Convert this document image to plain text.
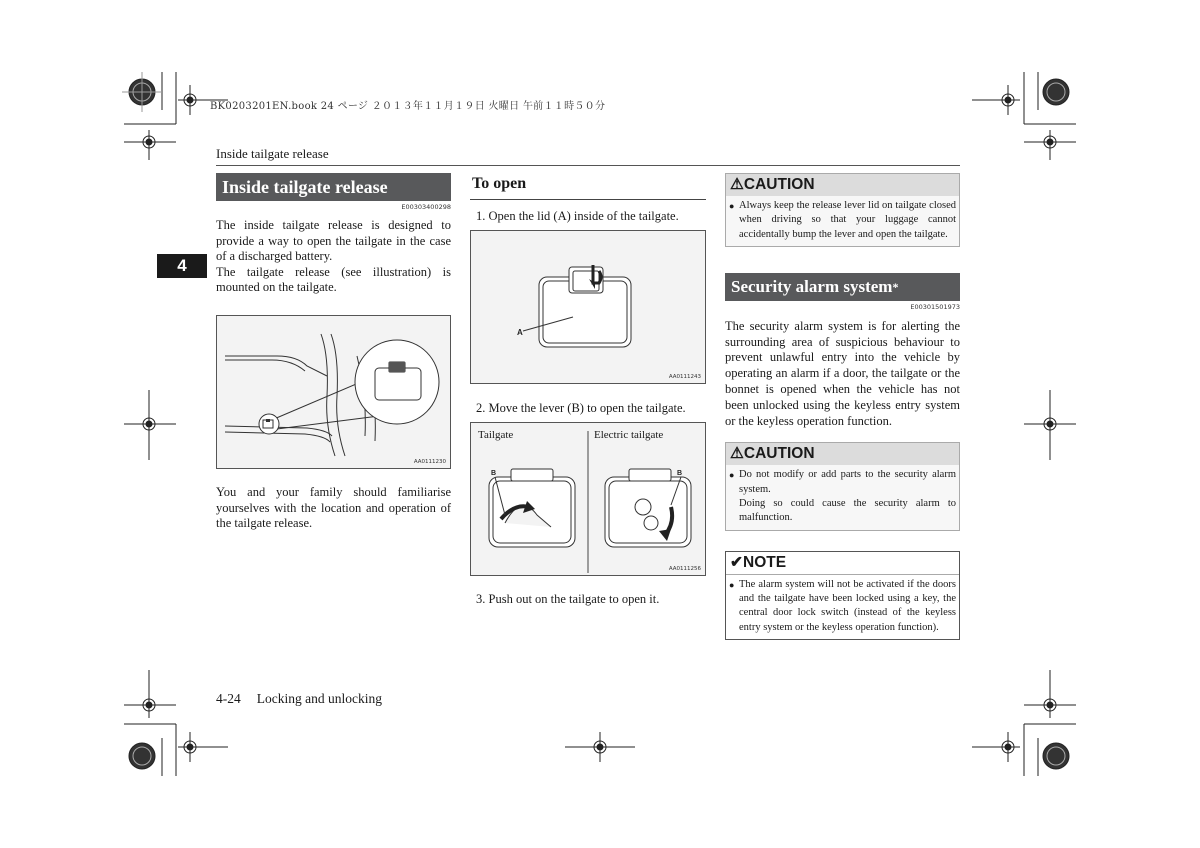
BK0203201EN.book 24 ページ ２０１３年１１月１９日 火曜日 午前１１時５０分
Inside tailgate release
4
Inside tailgate release
E00303400298
The inside tailgate release is designed to provide a way to open the tailgate in the case of a discharged battery.
The tailgate release (see illustration) is mounted on the tailgate.
AA0111230
You and your family should familiarise yourselves with the location and operation of the tailgate release.
To open
1. Open the lid (A) inside of the tailgate.
A
AA0111243
2. Move the lever (B) to open the tailgate.
Tailgate	Electric tailgate
B	B
AA0111256
3. Push out on the tailgate to open it.
⚠CAUTION
● Always keep the release lever lid on tailgate closed when driving so that your luggage cannot accidentally bump the lever and open the tailgate.
Security alarm system*
E00301501973
The security alarm system is for alerting the surrounding area of suspicious behaviour to prevent unlawful entry into the vehicle by operating an alarm if a door, the tailgate or the bonnet is opened when the vehicle has not been unlocked using the keyless entry system or the keyless operation function.
⚠CAUTION
● Do not modify or add parts to the security alarm system.
Doing so could cause the security alarm to malfunction.
✔NOTE
● The alarm system will not be activated if the doors and the tailgate have been locked using a key, the central door lock switch (instead of the keyless entry system or the keyless operation function).
4-24 Locking and unlocking
